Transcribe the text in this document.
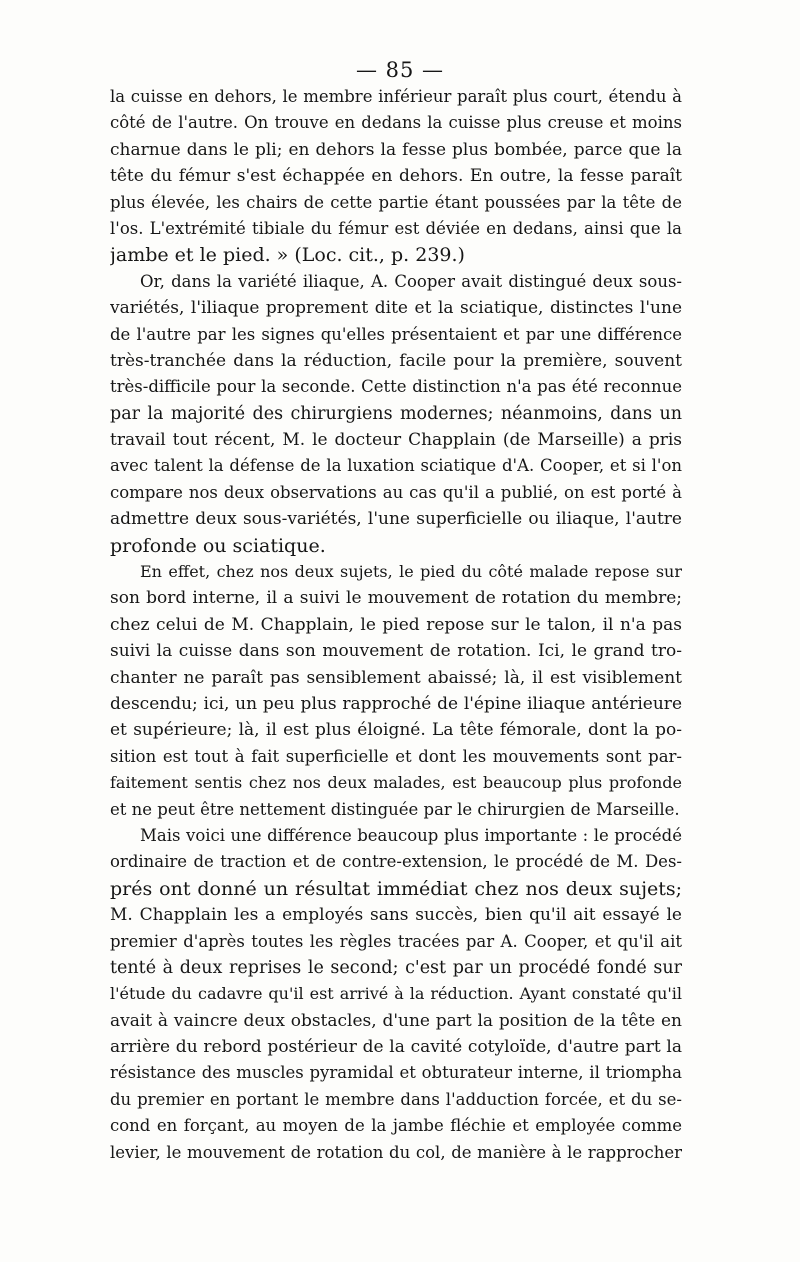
— 85 —
la cuisse en dehors, le membre inférieur paraît plus court, étendu à
côté de l'autre. On trouve en dedans la cuisse plus creuse et moins
charnue dans le pli; en dehors la fesse plus bombée, parce que la
tête du fémur s'est échappée en dehors. En outre, la fesse paraît
plus élevée, les chairs de cette partie étant poussées par la tête de
l'os. L'extrémité tibiale du fémur est déviée en dedans, ainsi que la
jambe et le pied. » (Loc. cit., p. 239.)
Or, dans la variété iliaque, A. Cooper avait distingué deux sous-
variétés, l'iliaque proprement dite et la sciatique, distinctes l'une
de l'autre par les signes qu'elles présentaient et par une différence
très-tranchée dans la réduction, facile pour la première, souvent
très-difficile pour la seconde. Cette distinction n'a pas été reconnue
par la majorité des chirurgiens modernes; néanmoins, dans un
travail tout récent, M. le docteur Chapplain (de Marseille) a pris
avec talent la défense de la luxation sciatique d'A. Cooper, et si l'on
compare nos deux observations au cas qu'il a publié, on est porté à
admettre deux sous-variétés, l'une superficielle ou iliaque, l'autre
profonde ou sciatique.
En effet, chez nos deux sujets, le pied du côté malade repose sur
son bord interne, il a suivi le mouvement de rotation du membre;
chez celui de M. Chapplain, le pied repose sur le talon, il n'a pas
suivi la cuisse dans son mouvement de rotation. Ici, le grand tro-
chanter ne paraît pas sensiblement abaissé; là, il est visiblement
descendu; ici, un peu plus rapproché de l'épine iliaque antérieure
et supérieure; là, il est plus éloigné. La tête fémorale, dont la po-
sition est tout à fait superficielle et dont les mouvements sont par-
faitement sentis chez nos deux malades, est beaucoup plus profonde
et ne peut être nettement distinguée par le chirurgien de Marseille.
Mais voici une différence beaucoup plus importante : le procédé
ordinaire de traction et de contre-extension, le procédé de M. Des-
prés ont donné un résultat immédiat chez nos deux sujets;
M. Chapplain les a employés sans succès, bien qu'il ait essayé le
premier d'après toutes les règles tracées par A. Cooper, et qu'il ait
tenté à deux reprises le second; c'est par un procédé fondé sur
l'étude du cadavre qu'il est arrivé à la réduction. Ayant constaté qu'il
avait à vaincre deux obstacles, d'une part la position de la tête en
arrière du rebord postérieur de la cavité cotyloïde, d'autre part la
résistance des muscles pyramidal et obturateur interne, il triompha
du premier en portant le membre dans l'adduction forcée, et du se-
cond en forçant, au moyen de la jambe fléchie et employée comme
levier, le mouvement de rotation du col, de manière à le rapprocher
